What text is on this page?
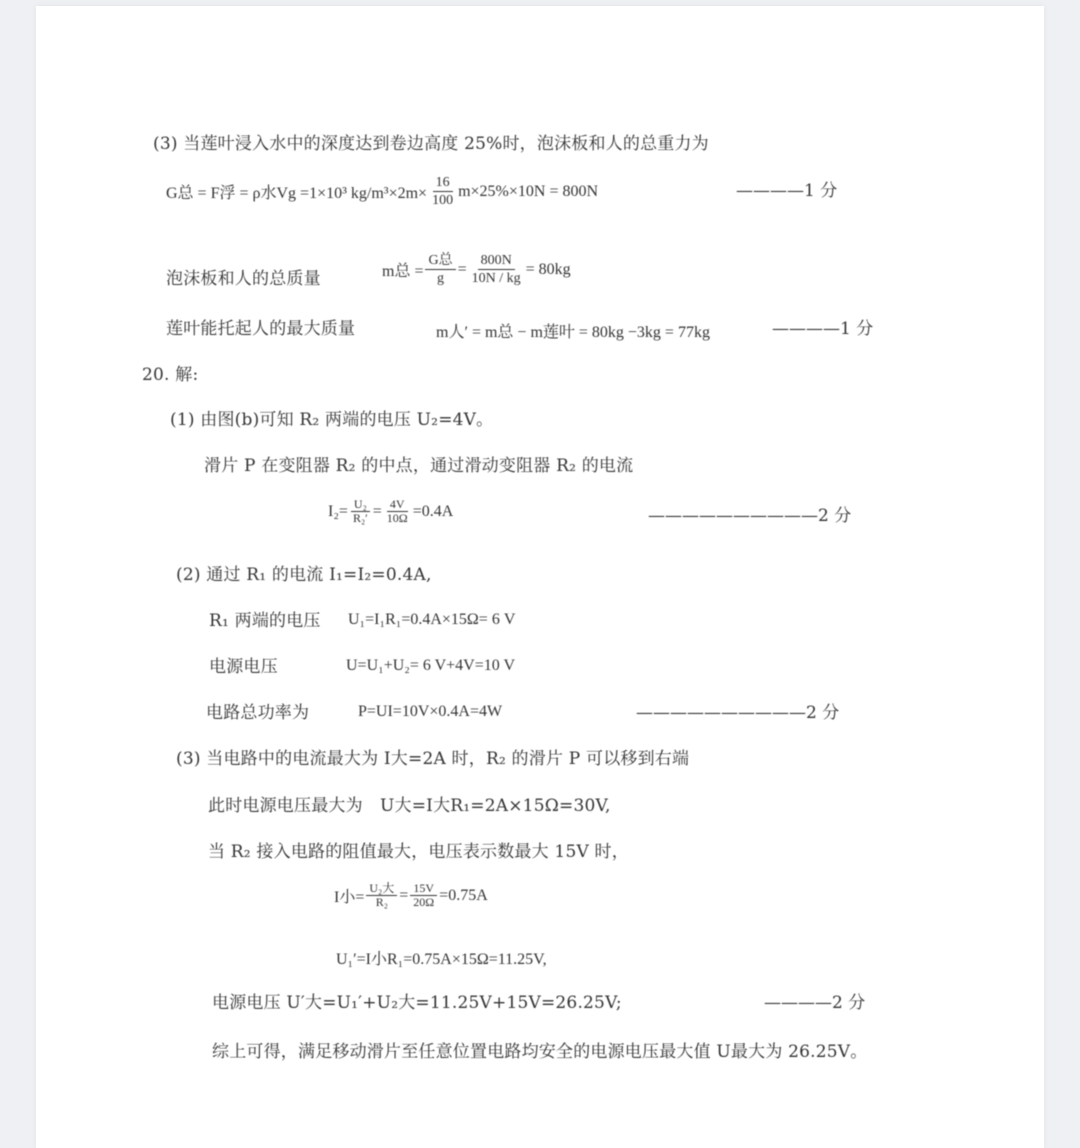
(3) 当莲叶浸入水中的深度达到卷边高度 25%时，泡沫板和人的总重力为
G总 = F浮 = ρ水Vg =1×10³ $kg/m^3\times 2m\times \frac{16}{100} m\times 25\%\times 10N = 800N$	————1 分
泡沫板和人的总质量	m总 = $\frac{\text{G总}}{g} = \frac{800N}{10N / kg} = 80kg$
莲叶能托起人的最大质量	m人′ = m总 − m莲叶 = 80kg −3kg = 77kg	————1 分
20. 解:
(1) 由图(b)可知 R₂ 两端的电压 U₂=4V。
滑片 P 在变阻器 R₂ 的中点，通过滑动变阻器 R₂ 的电流
$I_2= \frac{\text{U₂}}{\text{R₂′}} = \frac{4V}{10\Omega} =0.4A$	——————————2 分
(2) 通过 R₁ 的电流 I₁=I₂=0.4A,
R₁ 两端的电压 U₁=I₁R₁=0.4A×15Ω= 6 V
电源电压	U=U₁+U₂= 6 V+4V=10 V
电路总功率为	P=UI=10V×0.4A=4W	——————————2 分
(3) 当电路中的电流最大为 I大=2A 时，R₂ 的滑片 P 可以移到右端
此时电源电压最大为　U大=I大R₁=2A×15Ω=30V,
当 R₂ 接入电路的阻值最大，电压表示数最大 15V 时，
I小= $\frac{\text{U₂大}}{\text{R₂}} = \frac{15V}{20\Omega} =0.75A$
U₁′=I小R₁=0.75A×15Ω=11.25V,
电源电压 U′大=U₁′+U₂大=11.25V+15V=26.25V;	————2 分
综上可得，满足移动滑片至任意位置电路均安全的电源电压最大值 U最大为 26.25V。
